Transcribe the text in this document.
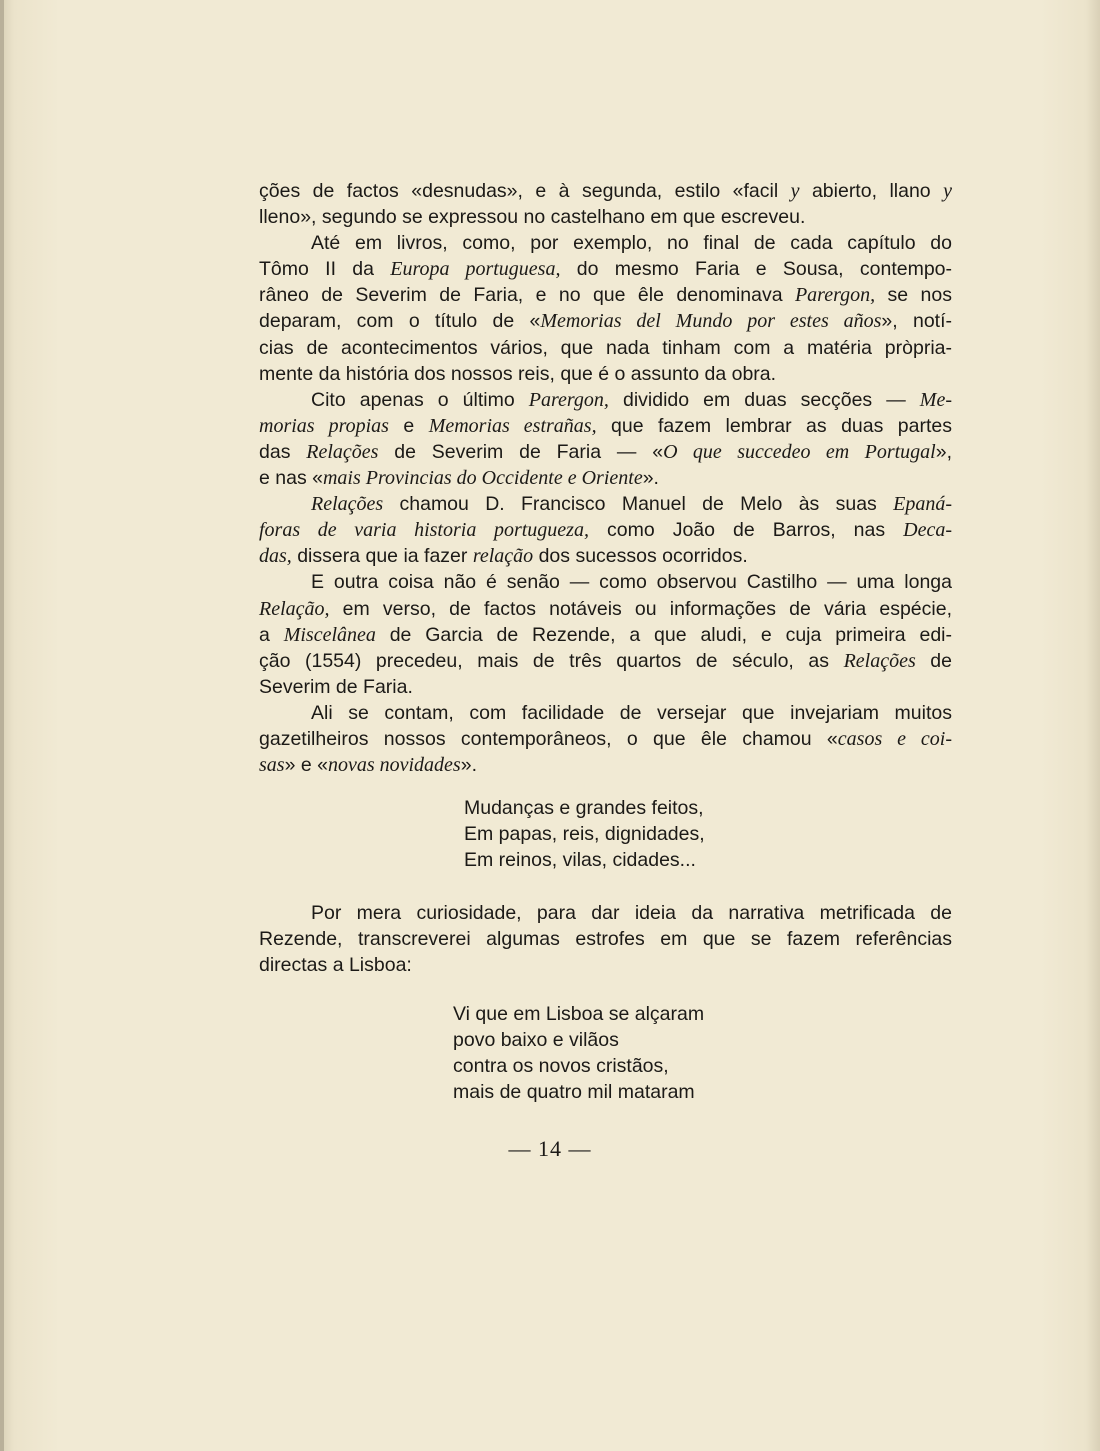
ções de factos «desnudas», e à segunda, estilo «facil y abierto, llano y
lleno», segundo se expressou no castelhano em que escreveu.
Até em livros, como, por exemplo, no final de cada capítulo do
Tômo II da Europa portuguesa, do mesmo Faria e Sousa, contempo-
râneo de Severim de Faria, e no que êle denominava Parergon, se nos
deparam, com o título de «Memorias del Mundo por estes años», notí-
cias de acontecimentos vários, que nada tinham com a matéria pròpria-
mente da história dos nossos reis, que é o assunto da obra.
Cito apenas o último Parergon, dividido em duas secções — Me-
morias propias e Memorias estrañas, que fazem lembrar as duas partes
das Relações de Severim de Faria — «O que succedeo em Portugal»,
e nas «mais Provincias do Occidente e Oriente».
Relações chamou D. Francisco Manuel de Melo às suas Epaná-
foras de varia historia portugueza, como João de Barros, nas Deca-
das, dissera que ia fazer relação dos sucessos ocorridos.
E outra coisa não é senão — como observou Castilho — uma longa
Relação, em verso, de factos notáveis ou informações de vária espécie,
a Miscelânea de Garcia de Rezende, a que aludi, e cuja primeira edi-
ção (1554) precedeu, mais de três quartos de século, as Relações de
Severim de Faria.
Ali se contam, com facilidade de versejar que invejariam muitos
gazetilheiros nossos contemporâneos, o que êle chamou «casos e coi-
sas» e «novas novidades».
Mudanças e grandes feitos,
Em papas, reis, dignidades,
Em reinos, vilas, cidades...
Por mera curiosidade, para dar ideia da narrativa metrificada de
Rezende, transcreverei algumas estrofes em que se fazem referências
directas a Lisboa:
Vi que em Lisboa se alçaram
povo baixo e vilãos
contra os novos cristãos,
mais de quatro mil mataram
— 14 —
